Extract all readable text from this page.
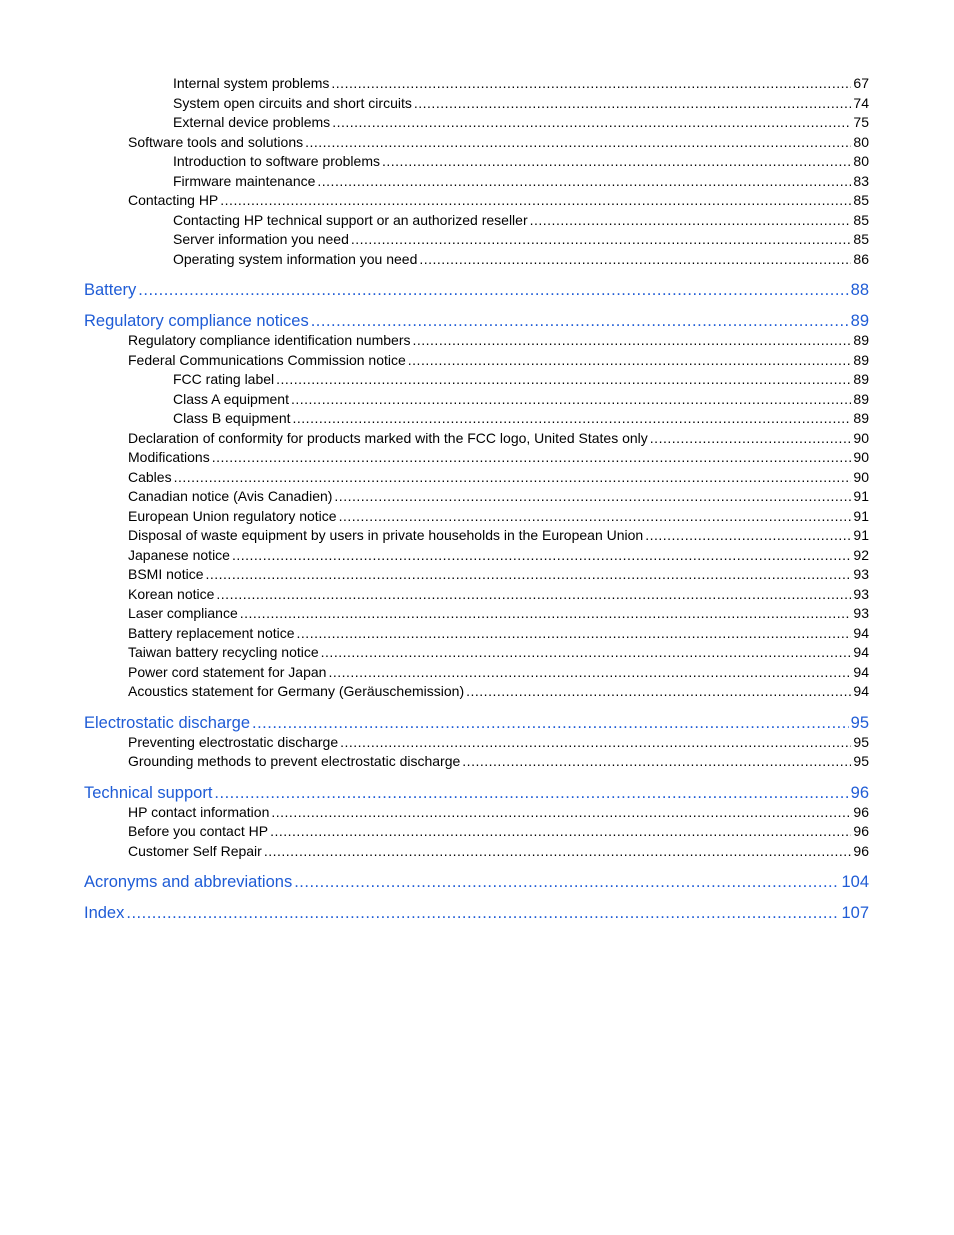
Internal system problems .....	67
System open circuits and short circuits .....	74
External device problems .....	75
Software tools and solutions .....	80
Introduction to software problems .....	80
Firmware maintenance .....	83
Contacting HP .....	85
Contacting HP technical support or an authorized reseller .....	85
Server information you need .....	85
Operating system information you need .....	86
Battery .....	88
Regulatory compliance notices .....	89
Regulatory compliance identification numbers .....	89
Federal Communications Commission notice .....	89
FCC rating label .....	89
Class A equipment .....	89
Class B equipment .....	89
Declaration of conformity for products marked with the FCC logo, United States only .....	90
Modifications .....	90
Cables .....	90
Canadian notice (Avis Canadien) .....	91
European Union regulatory notice .....	91
Disposal of waste equipment by users in private households in the European Union .....	91
Japanese notice .....	92
BSMI notice .....	93
Korean notice .....	93
Laser compliance .....	93
Battery replacement notice .....	94
Taiwan battery recycling notice .....	94
Power cord statement for Japan .....	94
Acoustics statement for Germany (Geräuschemission) .....	94
Electrostatic discharge .....	95
Preventing electrostatic discharge .....	95
Grounding methods to prevent electrostatic discharge .....	95
Technical support .....	96
HP contact information .....	96
Before you contact HP .....	96
Customer Self Repair .....	96
Acronyms and abbreviations .....	104
Index .....	107
